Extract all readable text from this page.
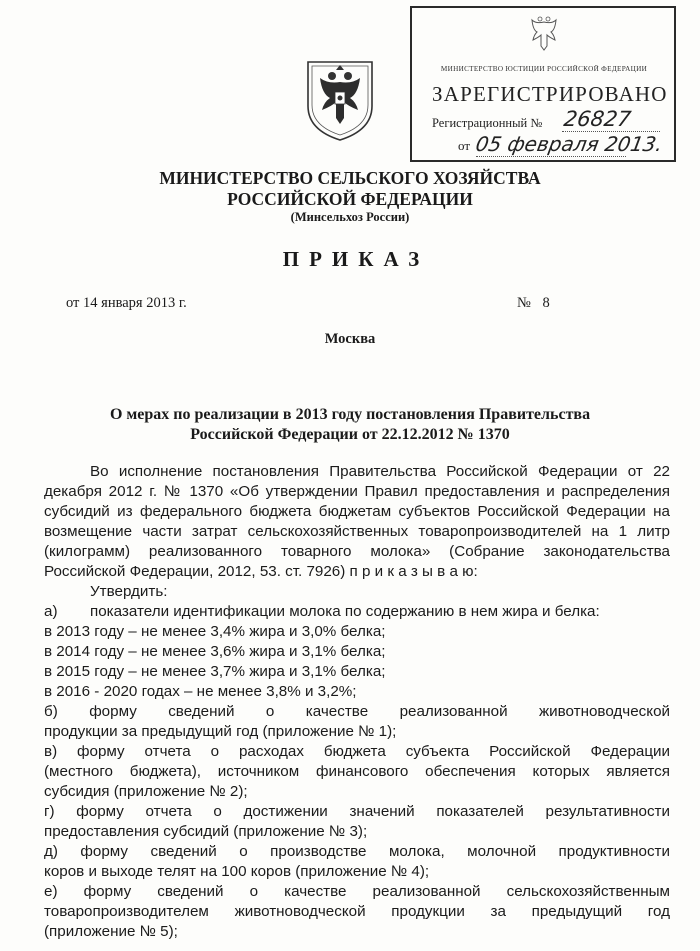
МИНИСТЕРСТВО ЮСТИЦИИ РОССИЙСКОЙ ФЕДЕРАЦИИ
ЗАРЕГИСТРИРОВАНО
Регистрационный № 26827
от 05 февраля 2013.
МИНИСТЕРСТВО СЕЛЬСКОГО ХОЗЯЙСТВА
РОССИЙСКОЙ ФЕДЕРАЦИИ
(Минсельхоз России)
ПРИКАЗ
от 14 января 2013 г.	№ 8
Москва
О мерах по реализации в 2013 году постановления Правительства
Российской Федерации от 22.12.2012 № 1370
Во исполнение постановления Правительства Российской Федерации от 22
декабря 2012 г. № 1370 «Об утверждении Правил предоставления и распределения
субсидий из федерального бюджета бюджетам субъектов Российской Федерации на
возмещение части затрат сельскохозяйственных товаропроизводителей на 1 литр
(килограмм) реализованного товарного молока» (Собрание законодательства
Российской Федерации, 2012, 53. ст. 7926) п р и к а з ы в а ю:
Утвердить:
а) показатели идентификации молока по содержанию в нем жира и белка:
в 2013 году – не менее 3,4% жира и 3,0% белка;
в 2014 году – не менее 3,6% жира и 3,1% белка;
в 2015 году – не менее 3,7% жира и 3,1% белка;
в 2016 - 2020 годах – не менее 3,8% и 3,2%;
б) форму сведений о качестве реализованной животноводческой
продукции за предыдущий год (приложение № 1);
в) форму отчета о расходах бюджета субъекта Российской Федерации
(местного бюджета), источником финансового обеспечения которых является
субсидия (приложение № 2);
г) форму отчета о достижении значений показателей результативности
предоставления субсидий (приложение № 3);
д) форму сведений о производстве молока, молочной продуктивности
коров и выходе телят на 100 коров (приложение № 4);
е) форму сведений о качестве реализованной сельскохозяйственным
товаропроизводителем животноводческой продукции за предыдущий год
(приложение № 5);
